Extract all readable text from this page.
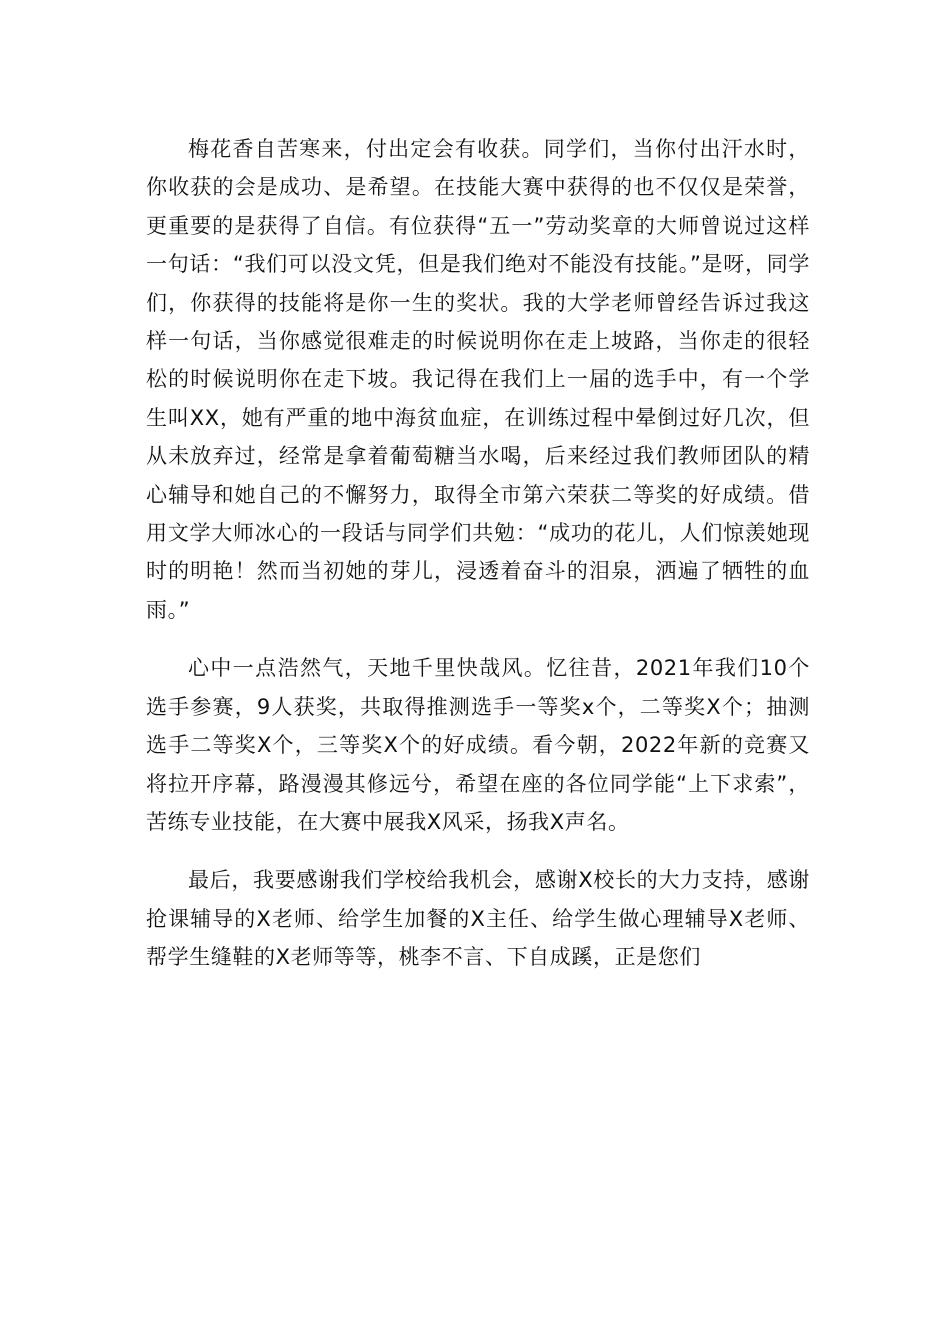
梅花香自苦寒来，付出定会有收获。同学们，当你付出汗水时，你收获的会是成功、是希望。在技能大赛中获得的也不仅仅是荣誉，更重要的是获得了自信。有位获得“五一”劳动奖章的大师曾说过这样一句话：“我们可以没文凭，但是我们绝对不能没有技能。”是呀，同学们，你获得的技能将是你一生的奖状。我的大学老师曾经告诉过我这样一句话，当你感觉很难走的时候说明你在走上坡路，当你走的很轻松的时候说明你在走下坡。我记得在我们上一届的选手中，有一个学生叫XX，她有严重的地中海贫血症，在训练过程中晕倒过好几次，但从未放弃过，经常是拿着葡萄糖当水喝，后来经过我们教师团队的精心辅导和她自己的不懈努力，取得全市第六荣获二等奖的好成绩。借用文学大师冰心的一段话与同学们共勉：“成功的花儿，人们惊羡她现时的明艳！然而当初她的芽儿，浸透着奋斗的泪泉，洒遍了牺牲的血雨。”

心中一点浩然气，天地千里快哉风。忆往昔，2021年我们10个选手参赛，9人获奖，共取得推测选手一等奖x个，二等奖X个；抽测选手二等奖X个，三等奖X个的好成绩。看今朝，2022年新的竞赛又将拉开序幕，路漫漫其修远兮，希望在座的各位同学能“上下求索”，苦练专业技能，在大赛中展我X风采，扬我X声名。

最后，我要感谢我们学校给我机会，感谢X校长的大力支持，感谢抢课辅导的X老师、给学生加餐的X主任、给学生做心理辅导X老师、帮学生缝鞋的X老师等等，桃李不言、下自成蹊，正是您们
